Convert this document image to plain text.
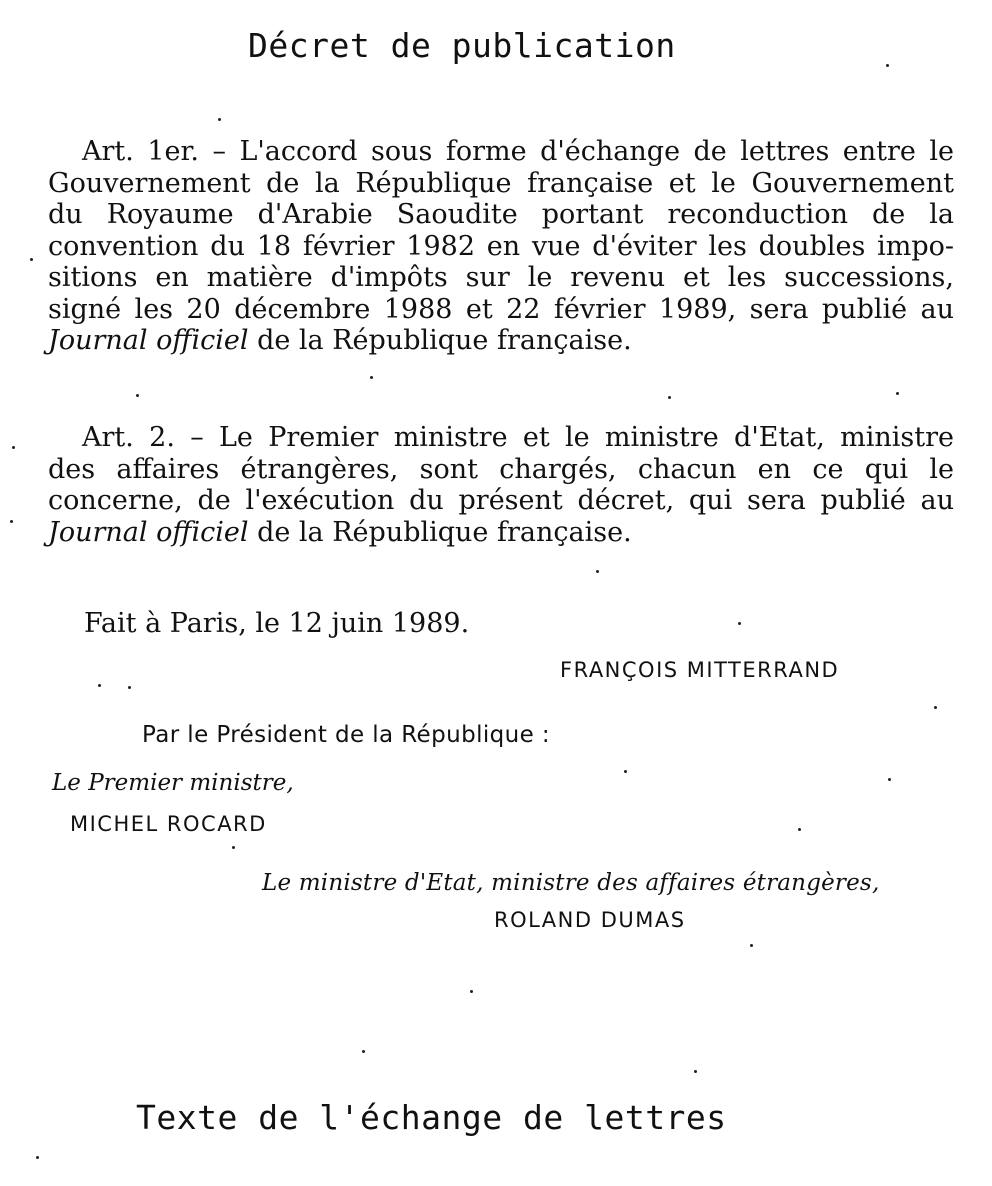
Décret de publication
Art. 1er. – L'accord sous forme d'échange de lettres entre le
Gouvernement de la République française et le Gouvernement
du Royaume d'Arabie Saoudite portant reconduction de la
convention du 18 février 1982 en vue d'éviter les doubles impo-
sitions en matière d'impôts sur le revenu et les successions,
signé les 20 décembre 1988 et 22 février 1989, sera publié au
Journal officiel de la République française.
Art. 2. – Le Premier ministre et le ministre d'Etat, ministre
des affaires étrangères, sont chargés, chacun en ce qui le
concerne, de l'exécution du présent décret, qui sera publié au
Journal officiel de la République française.
Fait à Paris, le 12 juin 1989.
FRANÇOIS MITTERRAND
Par le Président de la République :
Le Premier ministre,
MICHEL ROCARD
Le ministre d'Etat, ministre des affaires étrangères,
ROLAND DUMAS
Texte de l'échange de lettres
